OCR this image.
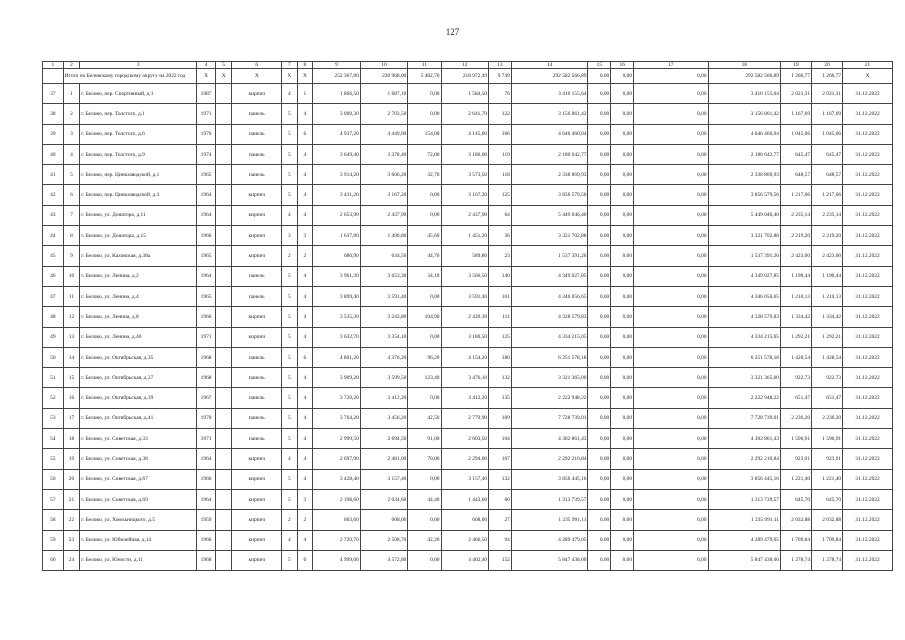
127
1	2	3	4	5	6	7	8	9	10	11	12	13	14	15	16	17	18	19	20	21
	Итого по Беловскому городскому округу на 2022 год		X	X	X	X	X	252 367,80	230 968,00	5 482,70	218 972,49	9 749	292 582 566,89	0,00	0,00	0,00	292 582 566,89	1 266,77	1 266,77	X
37	1	г. Белово, пер. Спортивный, д.1	1987		кирпич	4	1	1 866,50	1 687,10	0,00	1 584,50	76	3 410 155,64	0,00	0,00	0,00	3 410 155,64	2 021,31	2 021,31	31.12.2022
38	2	г. Белово, пер. Толстого, д.1	1971		панель	5	4	3 009,30	2 703,50	0,00	2 641,70	122	3 156 861,42	0,00	0,00	0,00	3 156 861,42	1 167,69	1 167,69	31.12.2022
39	3	г. Белово, пер. Толстого, д.6	1970		панель	5	6	4 937,20	4 449,00	154,00	4 145,00	166	4 646 460,04	0,00	0,00	0,00	4 646 460,04	1 045,06	1 045,06	31.12.2022
40	4	г. Белово, пер. Толстого, д.9	1974		панель	5	4	3 649,40	3 378,40	72,00	3 186,00	119	2 180 642,77	0,00	0,00	0,00	2 180 642,77	645,47	645,47	31.12.2022
41	5	г. Белово, пер. Цинкзаводской, д.1	1965		панель	5	4	3 914,20	3 606,20	32,70	3 573,50	118	2 338 869,93	0,00	0,00	0,00	2 338 869,93	648,57	648,57	31.12.2022
42	6	г. Белово, пер. Цинкзаводской, д.3	1964		кирпич	5	4	3 431,20	3 167,20	0,00	3 167,20	125	3 856 579,56	0,00	0,00	0,00	3 856 579,56	1 217,66	1 217,66	31.12.2022
43	7	г. Белово, ул. Донатора, д.11	1964		кирпич	4	4	2 653,90	2 437,90	0,00	2 437,90	64	5 449 046,40	0,00	0,00	0,00	5 449 046,40	2 235,14	2 235,14	31.12.2022
44	8	г. Белово, ул. Донатора, д.15	1966		кирпич	3	3	1 637,80	1 496,80	45,60	1 451,20	36	3 321 702,88	0,00	0,00	0,00	3 321 702,88	2 219,20	2 219,20	31.12.2022
45	9	г. Белово, ул. Каховская, д.38а	1965		кирпич	2	2	686,90	634,50	44,70	589,80	23	1 537 391,26	0,00	0,00	0,00	1 537 391,26	2 423,00	2 423,00	31.12.2022
46	10	г. Белово, ул. Ленина, д.2	1964		панель	5	4	3 961,30	3 653,30	34,10	3 566,50	140	4 349 027,85	0,00	0,00	0,00	4 349 027,85	1 190,44	1 190,44	31.12.2022
47	11	г. Белово, ул. Ленина, д.4	1965		панель	5	4	3 899,40	3 591,40	0,00	3 591,40	161	4 346 056,65	0,00	0,00	0,00	4 346 056,65	1 210,13	1 210,13	31.12.2022
48	12	г. Белово, ул. Ленина, д.8	1966		кирпич	5	4	3 535,30	3 243,80	104,90	2 420,30	111	4 328 579,83	0,00	0,00	0,00	4 328 579,83	1 334,42	1 334,42	31.12.2022
49	13	г. Белово, ул. Ленина, д.40	1971		кирпич	5	4	3 632,70	3 354,10	0,00	3 180,50	125	4 334 215,05	0,00	0,00	0,00	4 334 215,05	1 292,21	1 292,21	31.12.2022
50	14	г. Белово, ул. Октябрьская, д.35	1968		панель	5	6	4 801,20	4 376,20	96,20	4 154,20	180	6 251 578,18	0,00	0,00	0,00	6 251 578,18	1 428,54	1 428,54	31.12.2022
51	15	г. Белово, ул. Октябрьская, д.37	1968		панель	5	4	3 909,20	3 599,50	123,40	3 476,10	132	3 321 365,00	0,00	0,00	0,00	3 321 365,00	922,73	922,73	31.12.2022
52	16	г. Белово, ул. Октябрьская, д.39	1967		панель	5	4	3 720,20	3 412,20	0,00	3 412,20	135	2 222 948,22	0,00	0,00	0,00	2 222 948,22	651,47	651,47	31.12.2022
53	17	г. Белово, ул. Октябрьская, д.41	1970		панель	5	4	3 764,20	3 456,20	42,50	2 779,90	109	7 728 739,01	0,00	0,00	0,00	7 728 739,01	2 236,20	2 236,20	31.12.2022
54	18	г. Белово, ул. Советская, д.33	1971		панель	5	4	2 999,50	2 694,50	91,00	2 603,50	104	4 302 861,43	0,00	0,00	0,00	4 302 861,43	1 596,91	1 596,91	31.12.2022
55	19	г. Белово, ул. Советская, д.38	1964		кирпич	4	4	2 697,90	2 481,00	70,00	2 294,00	107	2 292 210,84	0,00	0,00	0,00	2 292 210,84	923,91	923,91	31.12.2022
56	20	г. Белово, ул. Советская, д.67	1966		кирпич	5	4	3 428,40	3 157,40	0,00	3 157,40	132	3 856 445,16	0,00	0,00	0,00	3 856 445,16	1 221,40	1 221,40	31.12.2022
57	21	г. Белово, ул. Советская, д.69	1964		кирпич	5	3	2 198,60	2 034,60	44,40	1 443,60	60	1 313 739,57	0,00	0,00	0,00	1 313 739,57	645,70	645,70	31.12.2022
58	22	г. Белово, ул. Хмельницкого, д.5	1959		кирпич	2	2	663,60	608,00	0,00	608,00	27	1 235 991,11	0,00	0,00	0,00	1 235 991,11	2 032,88	2 032,88	31.12.2022
59	23	г. Белово, ул. Юбилейная, д.14	1966		кирпич	4	4	2 720,70	2 508,70	42,20	2 466,50	94	4 289 479,05	0,00	0,00	0,00	4 289 479,05	1 709,84	1 709,84	31.12.2022
60	24	г. Белово, ул. Юности, д.11	1968		кирпич	5	6	4 999,00	4 572,80	0,00	4 402,40	152	5 847 438,00	0,00	0,00	0,00	5 847 438,00	1 278,74	1 278,74	31.12.2022
